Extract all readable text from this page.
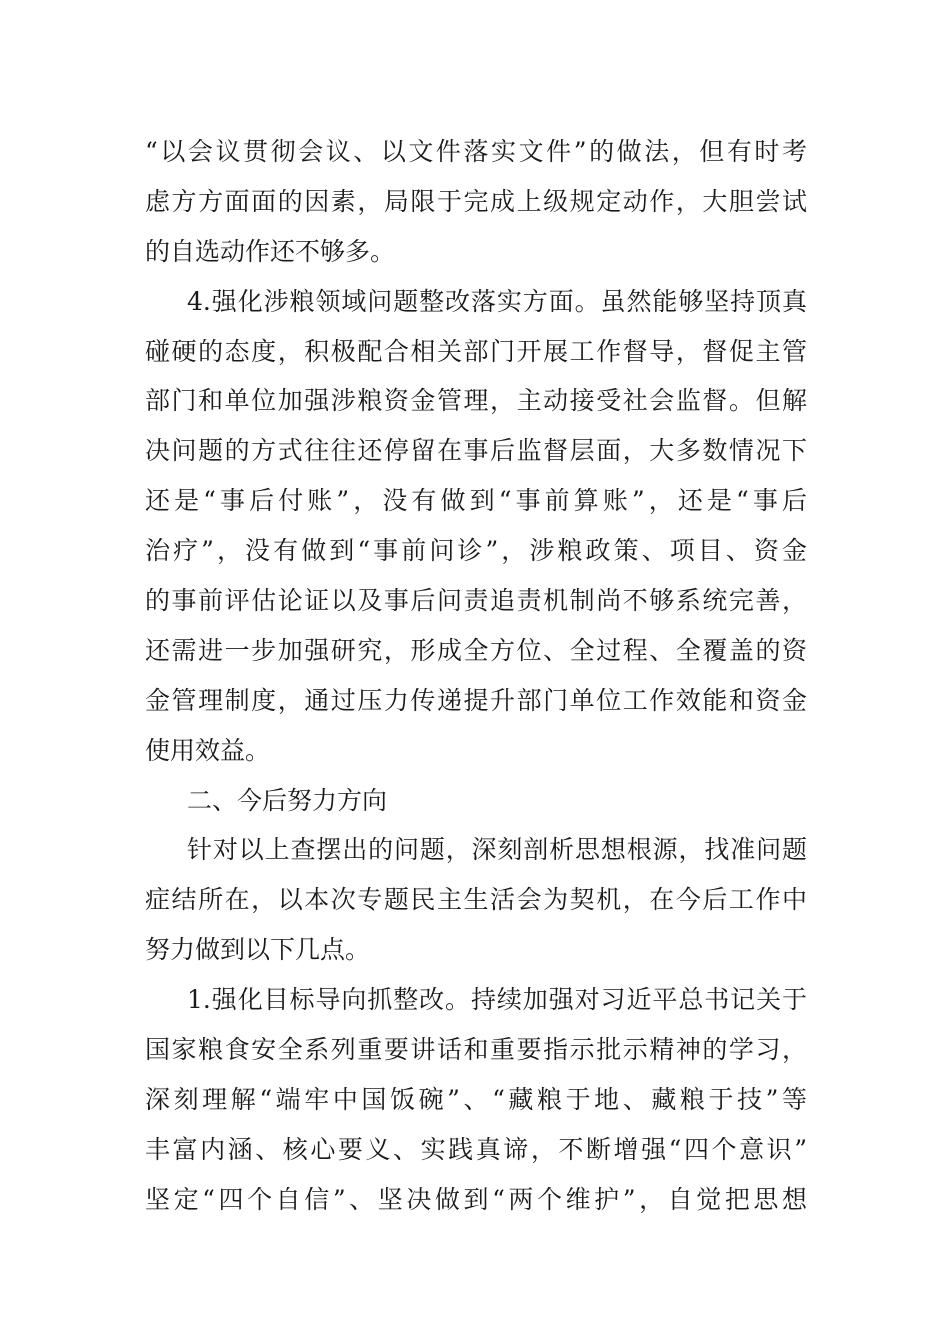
“以会议贯彻会议、以文件落实文件”的做法，但有时考
虑方方面面的因素，局限于完成上级规定动作，大胆尝试
的自选动作还不够多。
4.强化涉粮领域问题整改落实方面。虽然能够坚持顶真
碰硬的态度，积极配合相关部门开展工作督导，督促主管
部门和单位加强涉粮资金管理，主动接受社会监督。但解
决问题的方式往往还停留在事后监督层面，大多数情况下
还是“事后付账”，没有做到“事前算账”，还是“事后
治疗”，没有做到“事前问诊”，涉粮政策、项目、资金
的事前评估论证以及事后问责追责机制尚不够系统完善，
还需进一步加强研究，形成全方位、全过程、全覆盖的资
金管理制度，通过压力传递提升部门单位工作效能和资金
使用效益。
二、今后努力方向
针对以上查摆出的问题，深刻剖析思想根源，找准问题
症结所在，以本次专题民主生活会为契机，在今后工作中
努力做到以下几点。
1.强化目标导向抓整改。持续加强对习近平总书记关于
国家粮食安全系列重要讲话和重要指示批示精神的学习，
深刻理解“端牢中国饭碗”、“藏粮于地、藏粮于技”等
丰富内涵、核心要义、实践真谛，不断增强“四个意识”
坚定“四个自信”、坚决做到“两个维护”，自觉把思想
